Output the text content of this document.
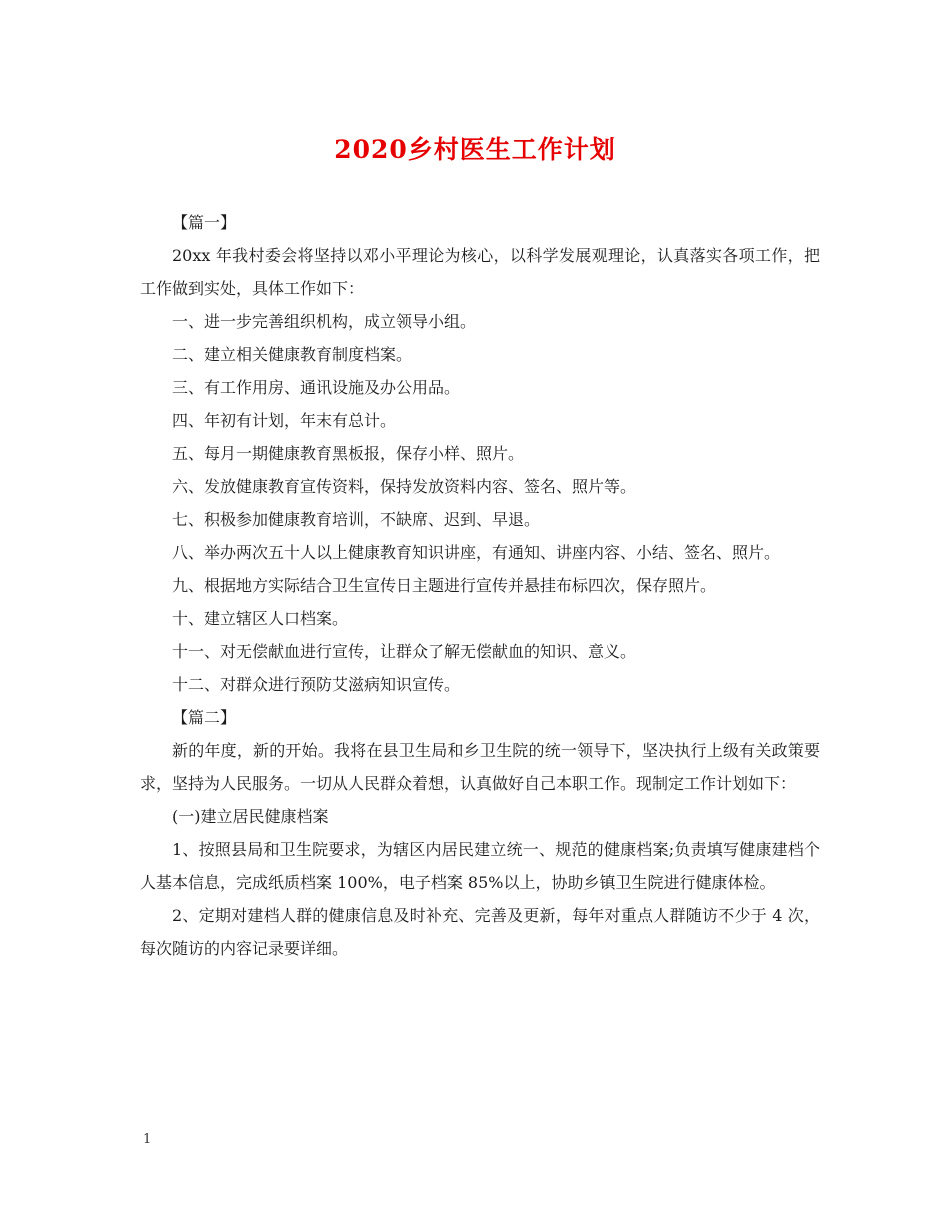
2020乡村医生工作计划

【篇一】

20xx 年我村委会将坚持以邓小平理论为核心，以科学发展观理论，认真落实各项工作，把工作做到实处，具体工作如下：

一、进一步完善组织机构，成立领导小组。

二、建立相关健康教育制度档案。

三、有工作用房、通讯设施及办公用品。

四、年初有计划，年末有总计。

五、每月一期健康教育黑板报，保存小样、照片。

六、发放健康教育宣传资料，保持发放资料内容、签名、照片等。

七、积极参加健康教育培训，不缺席、迟到、早退。

八、举办两次五十人以上健康教育知识讲座，有通知、讲座内容、小结、签名、照片。

九、根据地方实际结合卫生宣传日主题进行宣传并悬挂布标四次，保存照片。

十、建立辖区人口档案。

十一、对无偿献血进行宣传，让群众了解无偿献血的知识、意义。

十二、对群众进行预防艾滋病知识宣传。

【篇二】

新的年度，新的开始。我将在县卫生局和乡卫生院的统一领导下，坚决执行上级有关政策要求，坚持为人民服务。一切从人民群众着想，认真做好自己本职工作。现制定工作计划如下：

(一)建立居民健康档案

1、按照县局和卫生院要求，为辖区内居民建立统一、规范的健康档案;负责填写健康建档个人基本信息，完成纸质档案 100%，电子档案 85%以上，协助乡镇卫生院进行健康体检。

2、定期对建档人群的健康信息及时补充、完善及更新，每年对重点人群随访不少于 4 次，每次随访的内容记录要详细。

1
